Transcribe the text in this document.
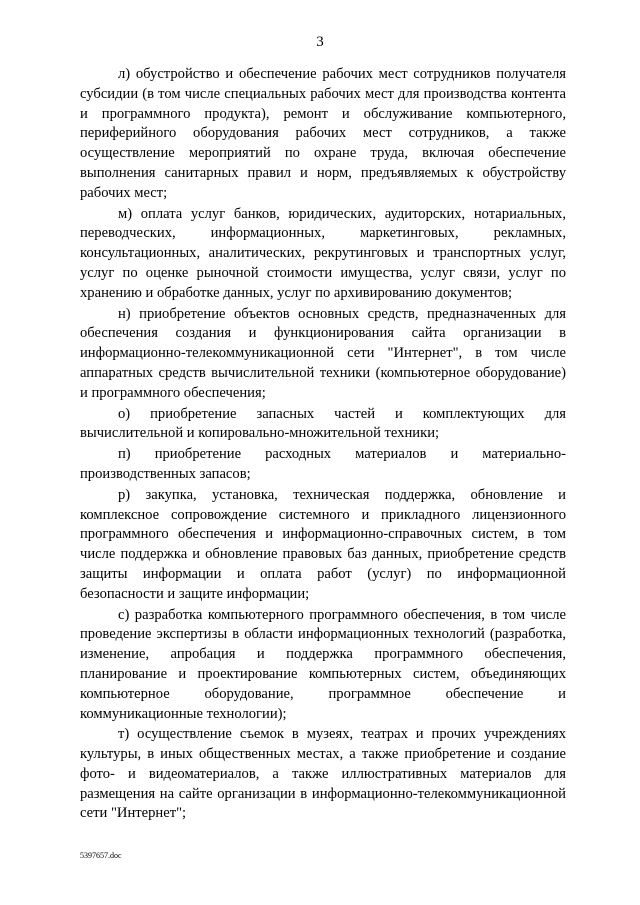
3

л) обустройство и обеспечение рабочих мест сотрудников получателя субсидии (в том числе специальных рабочих мест для производства контента и программного продукта), ремонт и обслуживание компьютерного, периферийного оборудования рабочих мест сотрудников, а также осуществление мероприятий по охране труда, включая обеспечение выполнения санитарных правил и норм, предъявляемых к обустройству рабочих мест;

м) оплата услуг банков, юридических, аудиторских, нотариальных, переводческих, информационных, маркетинговых, рекламных, консультационных, аналитических, рекрутинговых и транспортных услуг, услуг по оценке рыночной стоимости имущества, услуг связи, услуг по хранению и обработке данных, услуг по архивированию документов;

н) приобретение объектов основных средств, предназначенных для обеспечения создания и функционирования сайта организации в информационно-телекоммуникационной сети "Интернет", в том числе аппаратных средств вычислительной техники (компьютерное оборудование) и программного обеспечения;

о) приобретение запасных частей и комплектующих для вычислительной и копировально-множительной техники;

п) приобретение расходных материалов и материально-производственных запасов;

р) закупка, установка, техническая поддержка, обновление и комплексное сопровождение системного и прикладного лицензионного программного обеспечения и информационно-справочных систем, в том числе поддержка и обновление правовых баз данных, приобретение средств защиты информации и оплата работ (услуг) по информационной безопасности и защите информации;

с) разработка компьютерного программного обеспечения, в том числе проведение экспертизы в области информационных технологий (разработка, изменение, апробация и поддержка программного обеспечения, планирование и проектирование компьютерных систем, объединяющих компьютерное оборудование, программное обеспечение и коммуникационные технологии);

т) осуществление съемок в музеях, театрах и прочих учреждениях культуры, в иных общественных местах, а также приобретение и создание фото- и видеоматериалов, а также иллюстративных материалов для размещения на сайте организации в информационно-телекоммуникационной сети "Интернет";

5397657.doc
